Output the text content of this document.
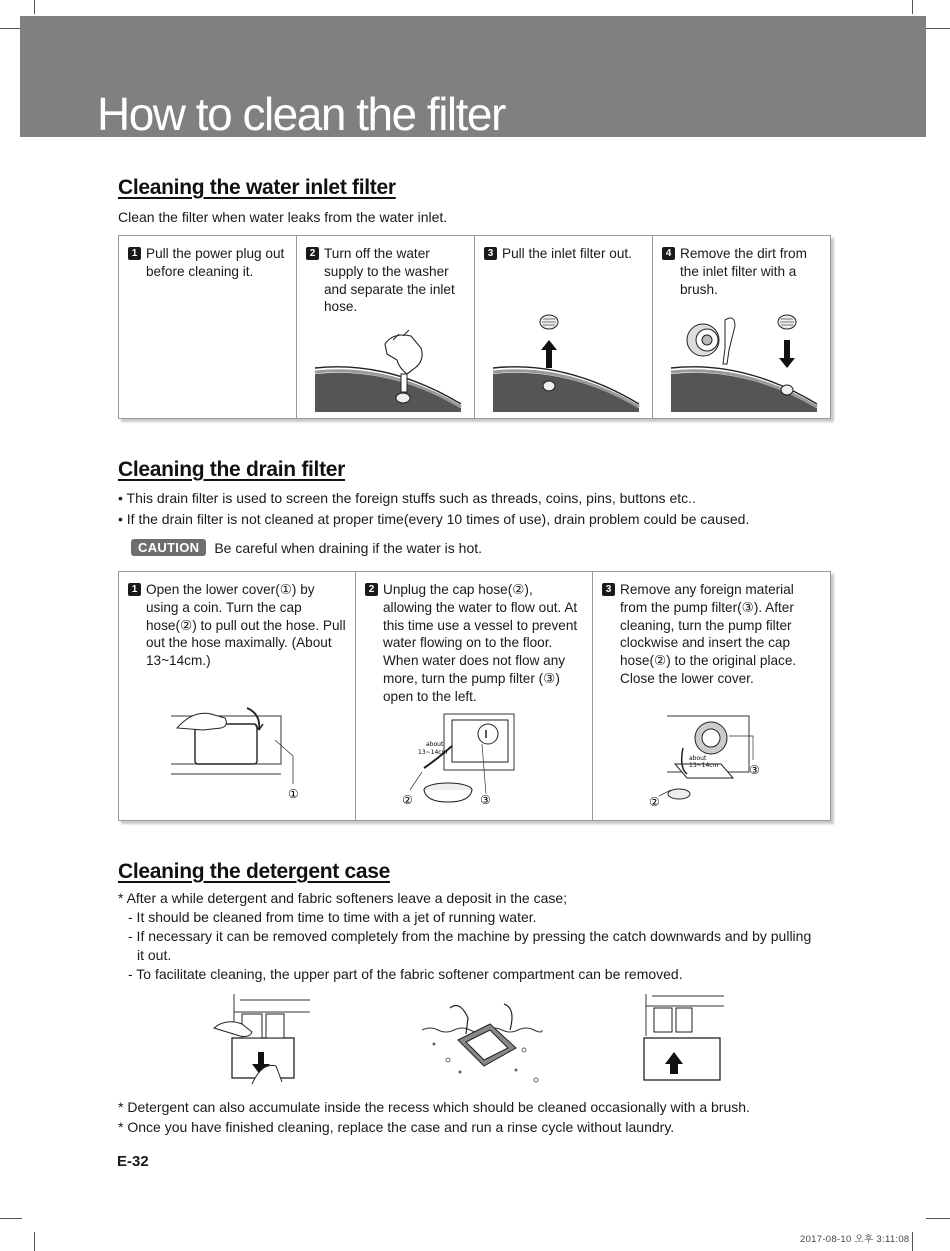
How to clean the filter
Cleaning the water inlet filter

Clean the filter when water leaks from the water inlet.

1 Pull the power plug out before cleaning it.

2 Turn off the water supply to the washer and separate the inlet hose.

3 Pull the inlet filter out.	4 Remove the dirt from the inlet filter with a brush.

Cleaning the drain filter

• This drain filter is used to screen the foreign stuffs such as threads, coins, pins, buttons etc..

• If the drain filter is not cleaned at proper time(every 10 times of use), drain problem could be caused.

CAUTION	Be careful when draining if the water is hot.

1 Open the lower cover(①) by using a coin. Turn the cap hose(②) to pull out the hose. Pull out the hose maximally. (About 13~14cm.)

①

2 Unplug the cap hose(②), allowing the water to flow out. At this time use a vessel to prevent water flowing on to the floor. When water does not flow any more, turn the pump filter (③) open to the left.

about
13~14cm
②	③

3 Remove any foreign material from the pump filter(③). After cleaning, turn the pump filter clockwise and insert the cap hose(②) to the original place. Close the lower cover.

about
13~14cm	③
②
Cleaning the detergent case

* After a while detergent and fabric softeners leave a deposit in the case;

- It should be cleaned from time to time with a jet of running water.

- If necessary it can be removed completely from the machine by pressing the catch downwards and by pulling it out.

- To facilitate cleaning, the upper part of the fabric softener compartment can be removed.

* Detergent can also accumulate inside the recess which should be cleaned occasionally with a brush.

* Once you have finished cleaning, replace the case and run a rinse cycle without laundry.

E-32

2017-08-10 오후 3:11:08
